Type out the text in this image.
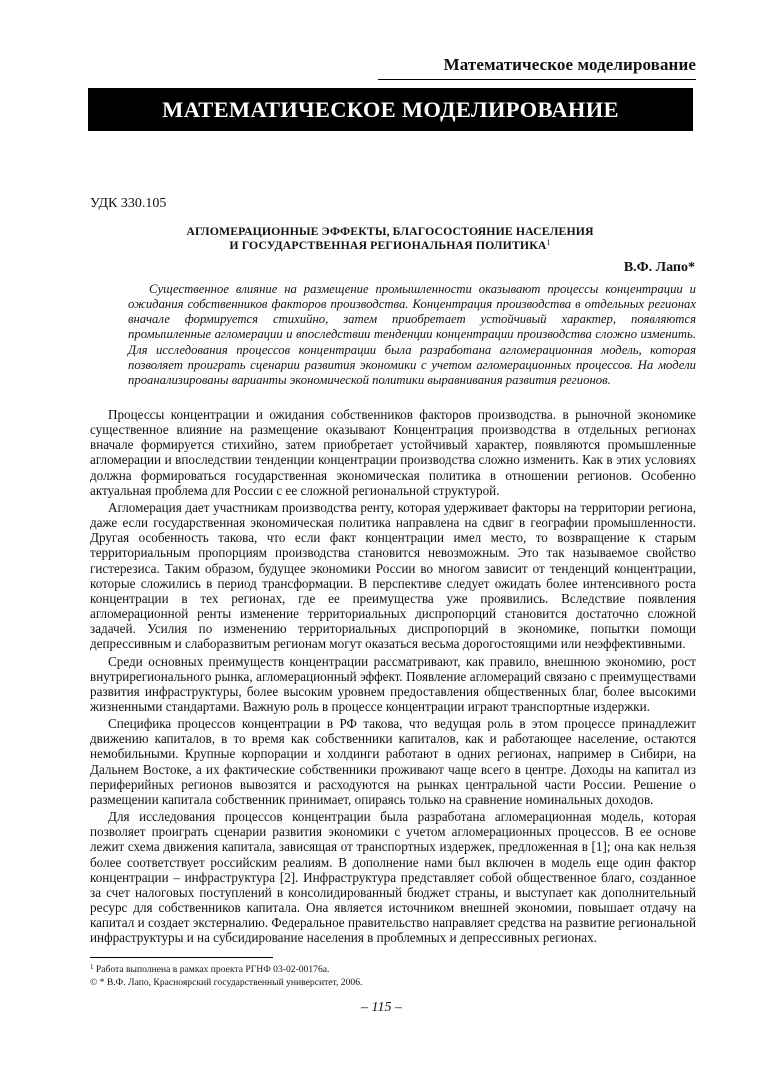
Математическое моделирование
МАТЕМАТИЧЕСКОЕ МОДЕЛИРОВАНИЕ
УДК 330.105
АГЛОМЕРАЦИОННЫЕ ЭФФЕКТЫ, БЛАГОСОСТОЯНИЕ НАСЕЛЕНИЯ
И ГОСУДАРСТВЕННАЯ РЕГИОНАЛЬНАЯ ПОЛИТИКА$^1$
В.Ф. Лапо*

Существенное влияние на размещение промышленности оказывают процессы концентрации и ожидания собственников факторов производства. Концентрация производства в отдельных регионах вначале формируется стихийно, затем приобретает устойчивый характер, появляются промышленные агломерации и впоследствии тенденции концентрации производства сложно изменить. Для исследования процессов концентрации была разработана агломерационная модель, которая позволяет проиграть сценарии развития экономики с учетом агломерационных процессов. На модели проанализированы варианты экономической политики выравнивания развития регионов.

Процессы концентрации и ожидания собственников факторов производства. в рыночной экономике существенное влияние на размещение оказывают Концентрация производства в отдельных регионах вначале формируется стихийно, затем приобретает устойчивый характер, появляются промышленные агломерации и впоследствии тенденции концентрации производства сложно изменить. Как в этих условиях должна формироваться государственная экономическая политика в отношении регионов. Особенно актуальная проблема для России с ее сложной региональной структурой.

Агломерация дает участникам производства ренту, которая удерживает факторы на территории региона, даже если государственная экономическая политика направлена на сдвиг в географии промышленности. Другая особенность такова, что если факт концентрации имел место, то возвращение к старым территориальным пропорциям производства становится невозможным. Это так называемое свойство гистерезиса. Таким образом, будущее экономики России во многом зависит от тенденций концентрации, которые сложились в период трансформации. В перспективе следует ожидать более интенсивного роста концентрации в тех регионах, где ее преимущества уже проявились. Вследствие появления агломерационной ренты изменение территориальных диспропорций становится достаточно сложной задачей. Усилия по изменению территориальных диспропорций в экономике, попытки помощи депрессивным и слаборазвитым регионам могут оказаться весьма дорогостоящими или неэффективными.

Среди основных преимуществ концентрации рассматривают, как правило, внешнюю экономию, рост внутрирегионального рынка, агломерационный эффект. Появление агломераций связано с преимуществами развития инфраструктуры, более высоким уровнем предоставления общественных благ, более высокими жизненными стандартами. Важную роль в процессе концентрации играют транспортные издержки.

Специфика процессов концентрации в РФ такова, что ведущая роль в этом процессе принадлежит движению капиталов, в то время как собственники капиталов, как и работающее население, остаются немобильными. Крупные корпорации и холдинги работают в одних регионах, например в Сибири, на Дальнем Востоке, а их фактические собственники проживают чаще всего в центре. Доходы на капитал из периферийных регионов вывозятся и расходуются на рынках центральной части России. Решение о размещении капитала собственник принимает, опираясь только на сравнение номинальных доходов.

Для исследования процессов концентрации была разработана агломерационная модель, которая позволяет проиграть сценарии развития экономики с учетом агломерационных процессов. В ее основе лежит схема движения капитала, зависящая от транспортных издержек, предложенная в [1]; она как нельзя более соответствует российским реалиям. В дополнение нами был включен в модель еще один фактор концентрации – инфраструктура [2]. Инфраструктура представляет собой общественное благо, созданное за счет налоговых поступлений в консолидированный бюджет страны, и выступает как дополнительный ресурс для собственников капитала. Она является источником внешней экономии, повышает отдачу на капитал и создает экстерналию. Федеральное правительство направляет средства на развитие региональной инфраструктуры и на субсидирование населения в проблемных и депрессивных регионах.

$^1$ Работа выполнена в рамках проекта РГНФ 03-02-00176а.
© * В.Ф. Лапо, Красноярский государственный университет, 2006.
– 115 –
